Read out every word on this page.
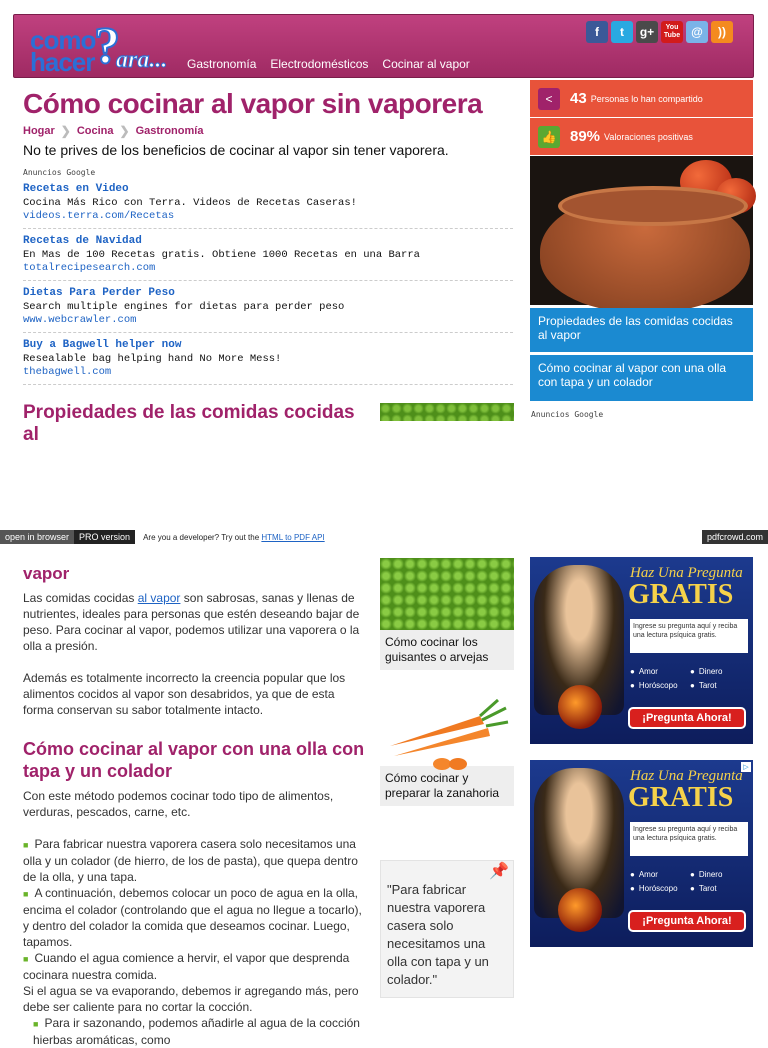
como
hacer ?
ara... Gastronomía Electrodomésticos Cocinar al vapor
f	t	g+	You Tube @	))
Cómo cocinar al vapor sin vaporera
Hogar ❯ Cocina ❯ Gastronomía

No te prives de los beneficios de cocinar al vapor sin tener vaporera.

Anuncios Google
Recetas en Video
Cocina Más Rico con Terra. Videos de Recetas Caseras!
videos.terra.com/Recetas
Recetas de Navidad
En Mas de 100 Recetas gratis. Obtiene 1000 Recetas en una Barra
totalrecipesearch.com
Dietas Para Perder Peso
Search multiple engines for dietas para perder peso
www.webcrawler.com
Buy a Bagwell helper now
Resealable bag helping hand No More Mess!
thebagwell.com
Propiedades de las comidas cocidas al
<	43 Personas lo han compartido
👍 89% Valoraciones positivas
Propiedades de las comidas cocidas al vapor
Cómo cocinar al vapor con una olla con tapa y un colador
Anuncios Google
open in browser	PRO version	Are you a developer? Try out the HTML to PDF API	pdfcrowd.com
vapor

Las comidas cocidas al vapor son sabrosas, sanas y llenas de nutrientes, ideales para personas que estén deseando bajar de peso. Para cocinar al vapor, podemos utilizar una vaporera o la olla a presión.

Además es totalmente incorrecto la creencia popular que los alimentos cocidos al vapor son desabridos, ya que de esta forma conservan su sabor totalmente intacto.

Cómo cocinar al vapor con una olla con tapa y un colador

Con este método podemos cocinar todo tipo de alimentos, verduras, pescados, carne, etc.

■ Para fabricar nuestra vaporera casera solo necesitamos una olla y un colador (de hierro, de los de pasta), que quepa dentro de la olla, y una tapa.
■ A continuación, debemos colocar un poco de agua en la olla, encima el colador (controlando que el agua no llegue a tocarlo), y dentro del colador la comida que deseamos cocinar. Luego, tapamos.
■ Cuando el agua comience a hervir, el vapor que desprenda cocinara nuestra comida.
Si el agua se va evaporando, debemos ir agregando más, pero debe ser caliente para no cortar la cocción.
■ Para ir sazonando, podemos añadirle al agua de la cocción hierbas aromáticas, como
Cómo cocinar los guisantes o arvejas
Cómo cocinar y preparar la zanahoria
📌
"Para fabricar nuestra vaporera casera solo necesitamos una olla con tapa y un colador."
Haz Una Pregunta
GRATIS
Ingrese su pregunta aquí y reciba una lectura psíquica gratis.
● Amor	● Dinero
● Horóscopo	● Tarot
¡Pregunta Ahora!
▷
Haz Una Pregunta
GRATIS
Ingrese su pregunta aquí y reciba una lectura psíquica gratis.
● Amor	● Dinero
● Horóscopo	● Tarot
¡Pregunta Ahora!
